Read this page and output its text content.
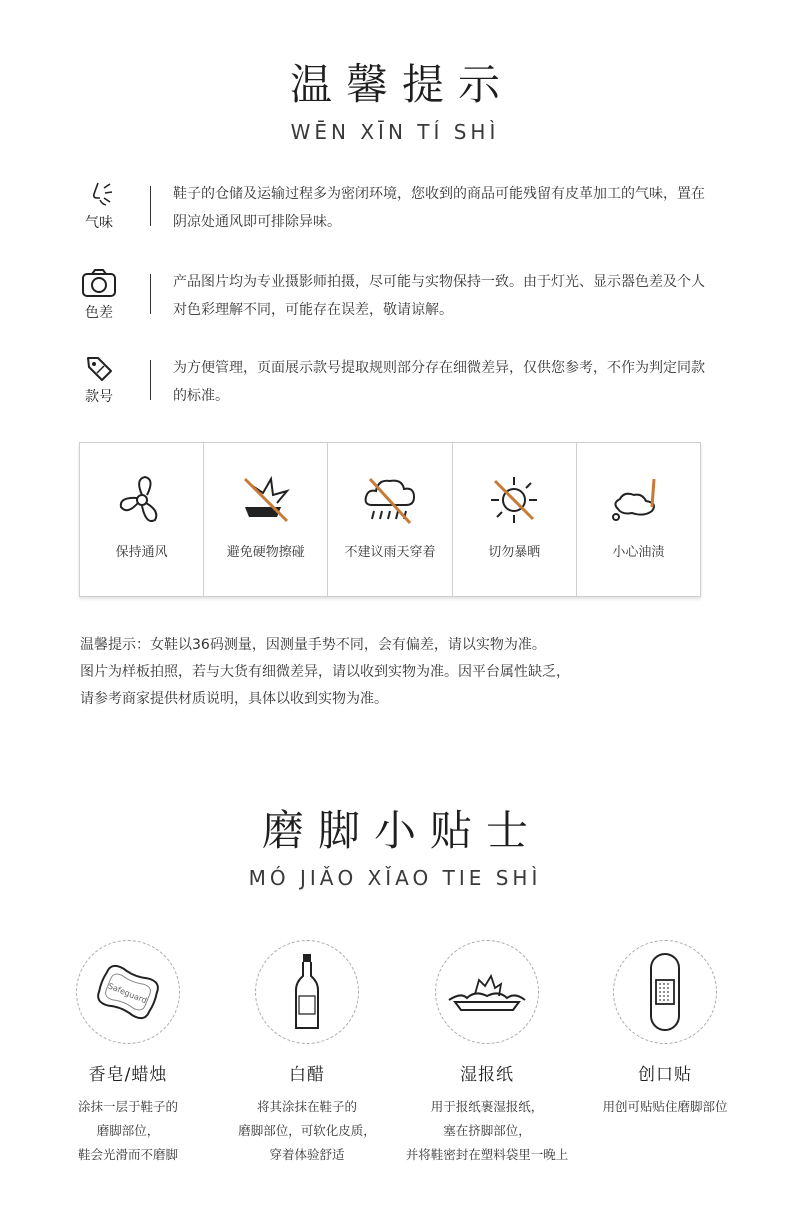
温馨提示
WĒN XĪN TÍ SHÌ
气味
鞋子的仓储及运输过程多为密闭环境，您收到的商品可能残留有皮革加工的气味，置在阴凉处通风即可排除异味。
色差
产品图片均为专业摄影师拍摄，尽可能与实物保持一致。由于灯光、显示器色差及个人对色彩理解不同，可能存在误差，敬请谅解。
款号
为方便管理，页面展示款号提取规则部分存在细微差异，仅供您参考，不作为判定同款的标准。
保持通风	避免硬物擦碰	不建议雨天穿着	切勿暴晒	小心油渍
温馨提示：女鞋以36码测量，因测量手势不同，会有偏差，请以实物为准。
图片为样板拍照，若与大货有细微差异，请以收到实物为准。因平台属性缺乏，
请参考商家提供材质说明，具体以收到实物为准。
磨脚小贴士
MÓ JIǍO XǏAO TIE SHÌ
Safeguard
香皂/蜡烛
涂抹一层于鞋子的
磨脚部位，
鞋会光滑而不磨脚
白醋
将其涂抹在鞋子的
磨脚部位，可软化皮质，
穿着体验舒适
湿报纸
用于报纸裹湿报纸，
塞在挤脚部位，
并将鞋密封在塑料袋里一晚上
创口贴
用创可贴贴住磨脚部位
